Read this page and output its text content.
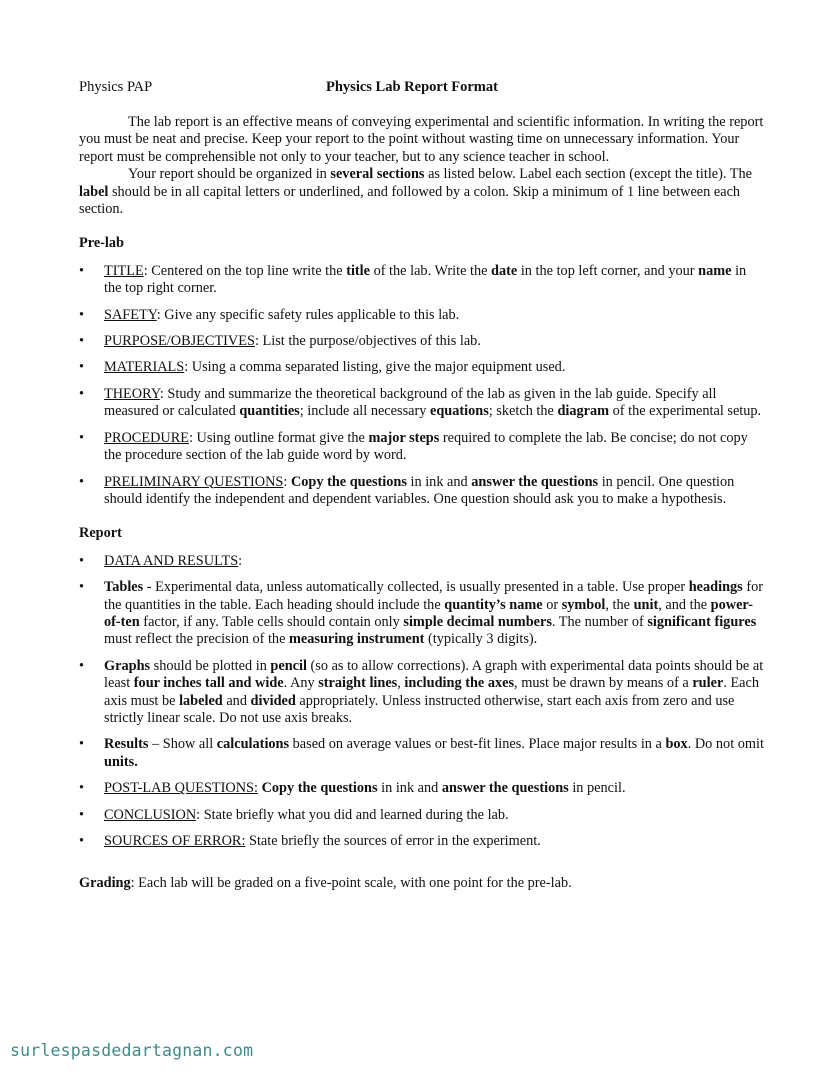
Physics PAP	Physics Lab Report Format

The lab report is an effective means of conveying experimental and scientific information. In writing the report you must be neat and precise. Keep your report to the point without wasting time on unnecessary information. Your report must be comprehensible not only to your teacher, but to any science teacher in school.

Your report should be organized in several sections as listed below. Label each section (except the title). The label should be in all capital letters or underlined, and followed by a colon. Skip a minimum of 1 line between each section.

Pre-lab
•	TITLE: Centered on the top line write the title of the lab. Write the date in the top left corner, and your name in the top right corner.
•	SAFETY: Give any specific safety rules applicable to this lab.
•	PURPOSE/OBJECTIVES: List the purpose/objectives of this lab.
•	MATERIALS: Using a comma separated listing, give the major equipment used.
•	THEORY: Study and summarize the theoretical background of the lab as given in the lab guide. Specify all measured or calculated quantities; include all necessary equations; sketch the diagram of the experimental setup.
•	PROCEDURE: Using outline format give the major steps required to complete the lab. Be concise; do not copy the procedure section of the lab guide word by word.
•	PRELIMINARY QUESTIONS: Copy the questions in ink and answer the questions in pencil. One question should identify the independent and dependent variables. One question should ask you to make a hypothesis.
Report
•	DATA AND RESULTS:
•	Tables - Experimental data, unless automatically collected, is usually presented in a table. Use proper headings for the quantities in the table. Each heading should include the quantity’s name or symbol, the unit, and the power-of-ten factor, if any. Table cells should contain only simple decimal numbers. The number of significant figures must reflect the precision of the measuring instrument (typically 3 digits).
•	Graphs should be plotted in pencil (so as to allow corrections). A graph with experimental data points should be at least four inches tall and wide. Any straight lines, including the axes, must be drawn by means of a ruler. Each axis must be labeled and divided appropriately. Unless instructed otherwise, start each axis from zero and use strictly linear scale. Do not use axis breaks.
•	Results – Show all calculations based on average values or best-fit lines. Place major results in a box. Do not omit units.
•	POST-LAB QUESTIONS: Copy the questions in ink and answer the questions in pencil.
•	CONCLUSION: State briefly what you did and learned during the lab.
•	SOURCES OF ERROR: State briefly the sources of error in the experiment.

Grading: Each lab will be graded on a five-point scale, with one point for the pre-lab.

surlespasdedartagnan.com
